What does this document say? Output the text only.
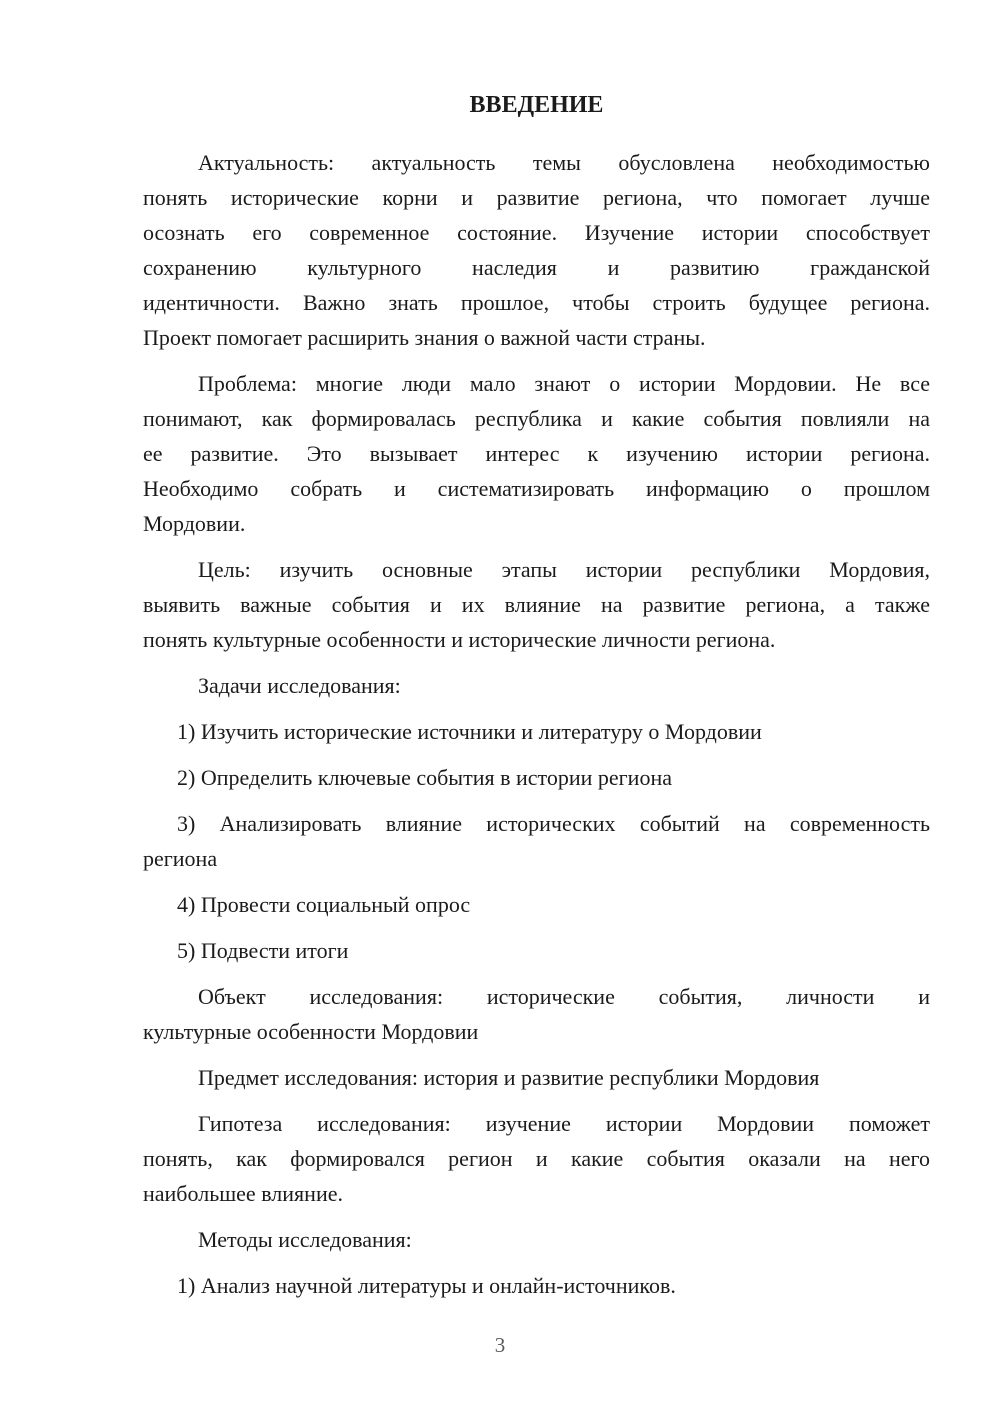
ВВЕДЕНИЕ
Актуальность: актуальность темы обусловлена необходимостью
понять исторические корни и развитие региона, что помогает лучше
осознать его современное состояние. Изучение истории способствует
сохранению культурного наследия и развитию гражданской
идентичности. Важно знать прошлое, чтобы строить будущее региона.
Проект помогает расширить знания о важной части страны.
Проблема: многие люди мало знают о истории Мордовии. Не все
понимают, как формировалась республика и какие события повлияли на
ее развитие. Это вызывает интерес к изучению истории региона.
Необходимо собрать и систематизировать информацию о прошлом
Мордовии.
Цель: изучить основные этапы истории республики Мордовия,
выявить важные события и их влияние на развитие региона, а также
понять культурные особенности и исторические личности региона.
Задачи исследования:
1) Изучить исторические источники и литературу о Мордовии
2) Определить ключевые события в истории региона
3) Анализировать влияние исторических событий на современность
региона
4) Провести социальный опрос
5) Подвести итоги
Объект исследования: исторические события, личности и
культурные особенности Мордовии
Предмет исследования: история и развитие республики Мордовия
Гипотеза исследования: изучение истории Мордовии поможет
понять, как формировался регион и какие события оказали на него
наибольшее влияние.
Методы исследования:
1) Анализ научной литературы и онлайн-источников.
3
